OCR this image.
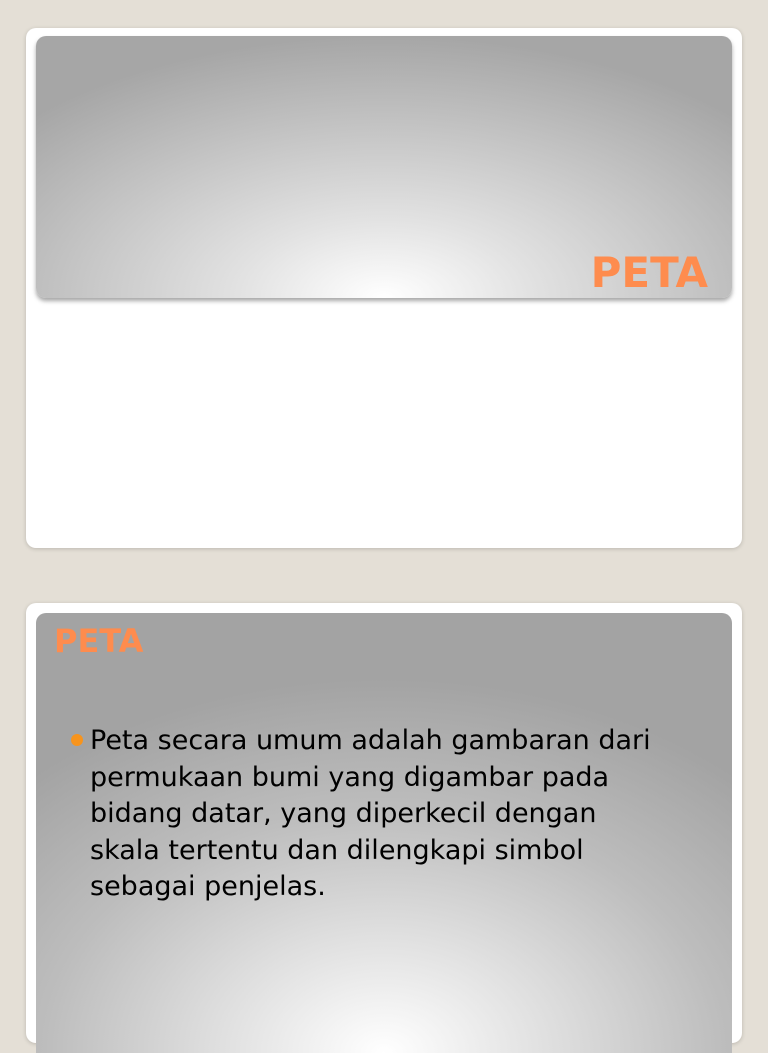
PETA
PETA

Peta secara umum adalah gambaran dari
permukaan bumi yang digambar pada
bidang datar, yang diperkecil dengan
skala tertentu dan dilengkapi simbol
sebagai penjelas.
